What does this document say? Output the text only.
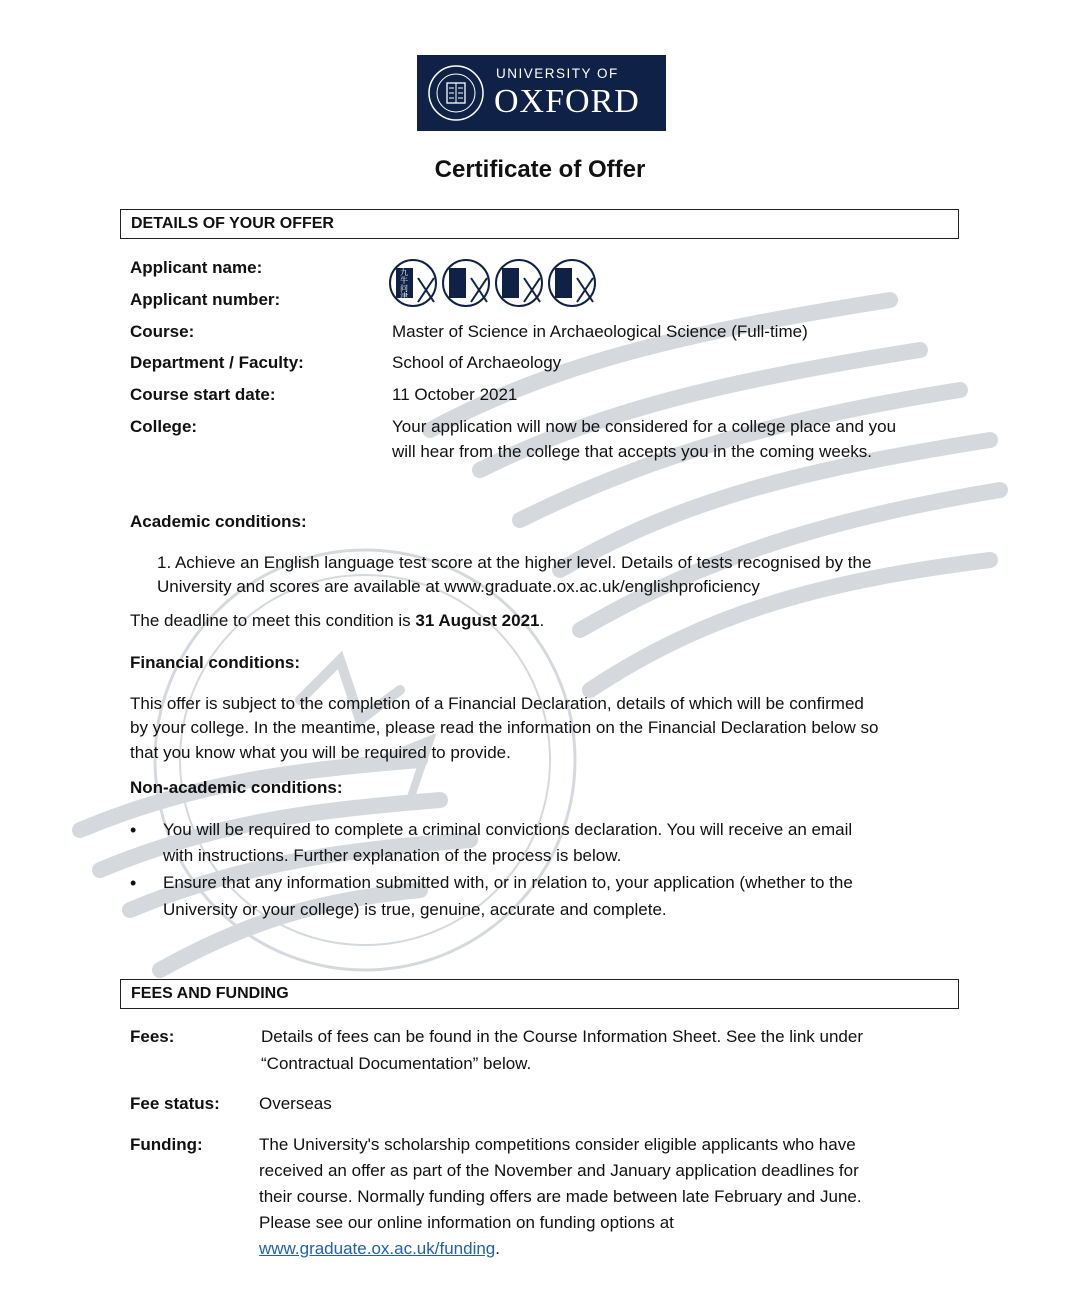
UNIVERSITY OF
OXFORD
Certificate of Offer
DETAILS OF YOUR OFFER
Applicant name:
Applicant number:	九牛问津
Course:	Master of Science in Archaeological Science (Full-time)
Department / Faculty:	School of Archaeology
Course start date:	11 October 2021
College:	Your application will now be considered for a college place and you
will hear from the college that accepts you in the coming weeks.
Academic conditions:
1. Achieve an English language test score at the higher level. Details of tests recognised by the
University and scores are available at www.graduate.ox.ac.uk/englishproficiency
The deadline to meet this condition is 31 August 2021.
Financial conditions:
This offer is subject to the completion of a Financial Declaration, details of which will be confirmed
by your college. In the meantime, please read the information on the Financial Declaration below so
that you know what you will be required to provide.
Non-academic conditions:
• You will be required to complete a criminal convictions declaration. You will receive an email
with instructions. Further explanation of the process is below.
• Ensure that any information submitted with, or in relation to, your application (whether to the
University or your college) is true, genuine, accurate and complete.
FEES AND FUNDING
Fees:	Details of fees can be found in the Course Information Sheet. See the link under
“Contractual Documentation” below.
Fee status: Overseas
Funding:	The University's scholarship competitions consider eligible applicants who have
received an offer as part of the November and January application deadlines for
their course. Normally funding offers are made between late February and June.
Please see our online information on funding options at
www.graduate.ox.ac.uk/funding.
